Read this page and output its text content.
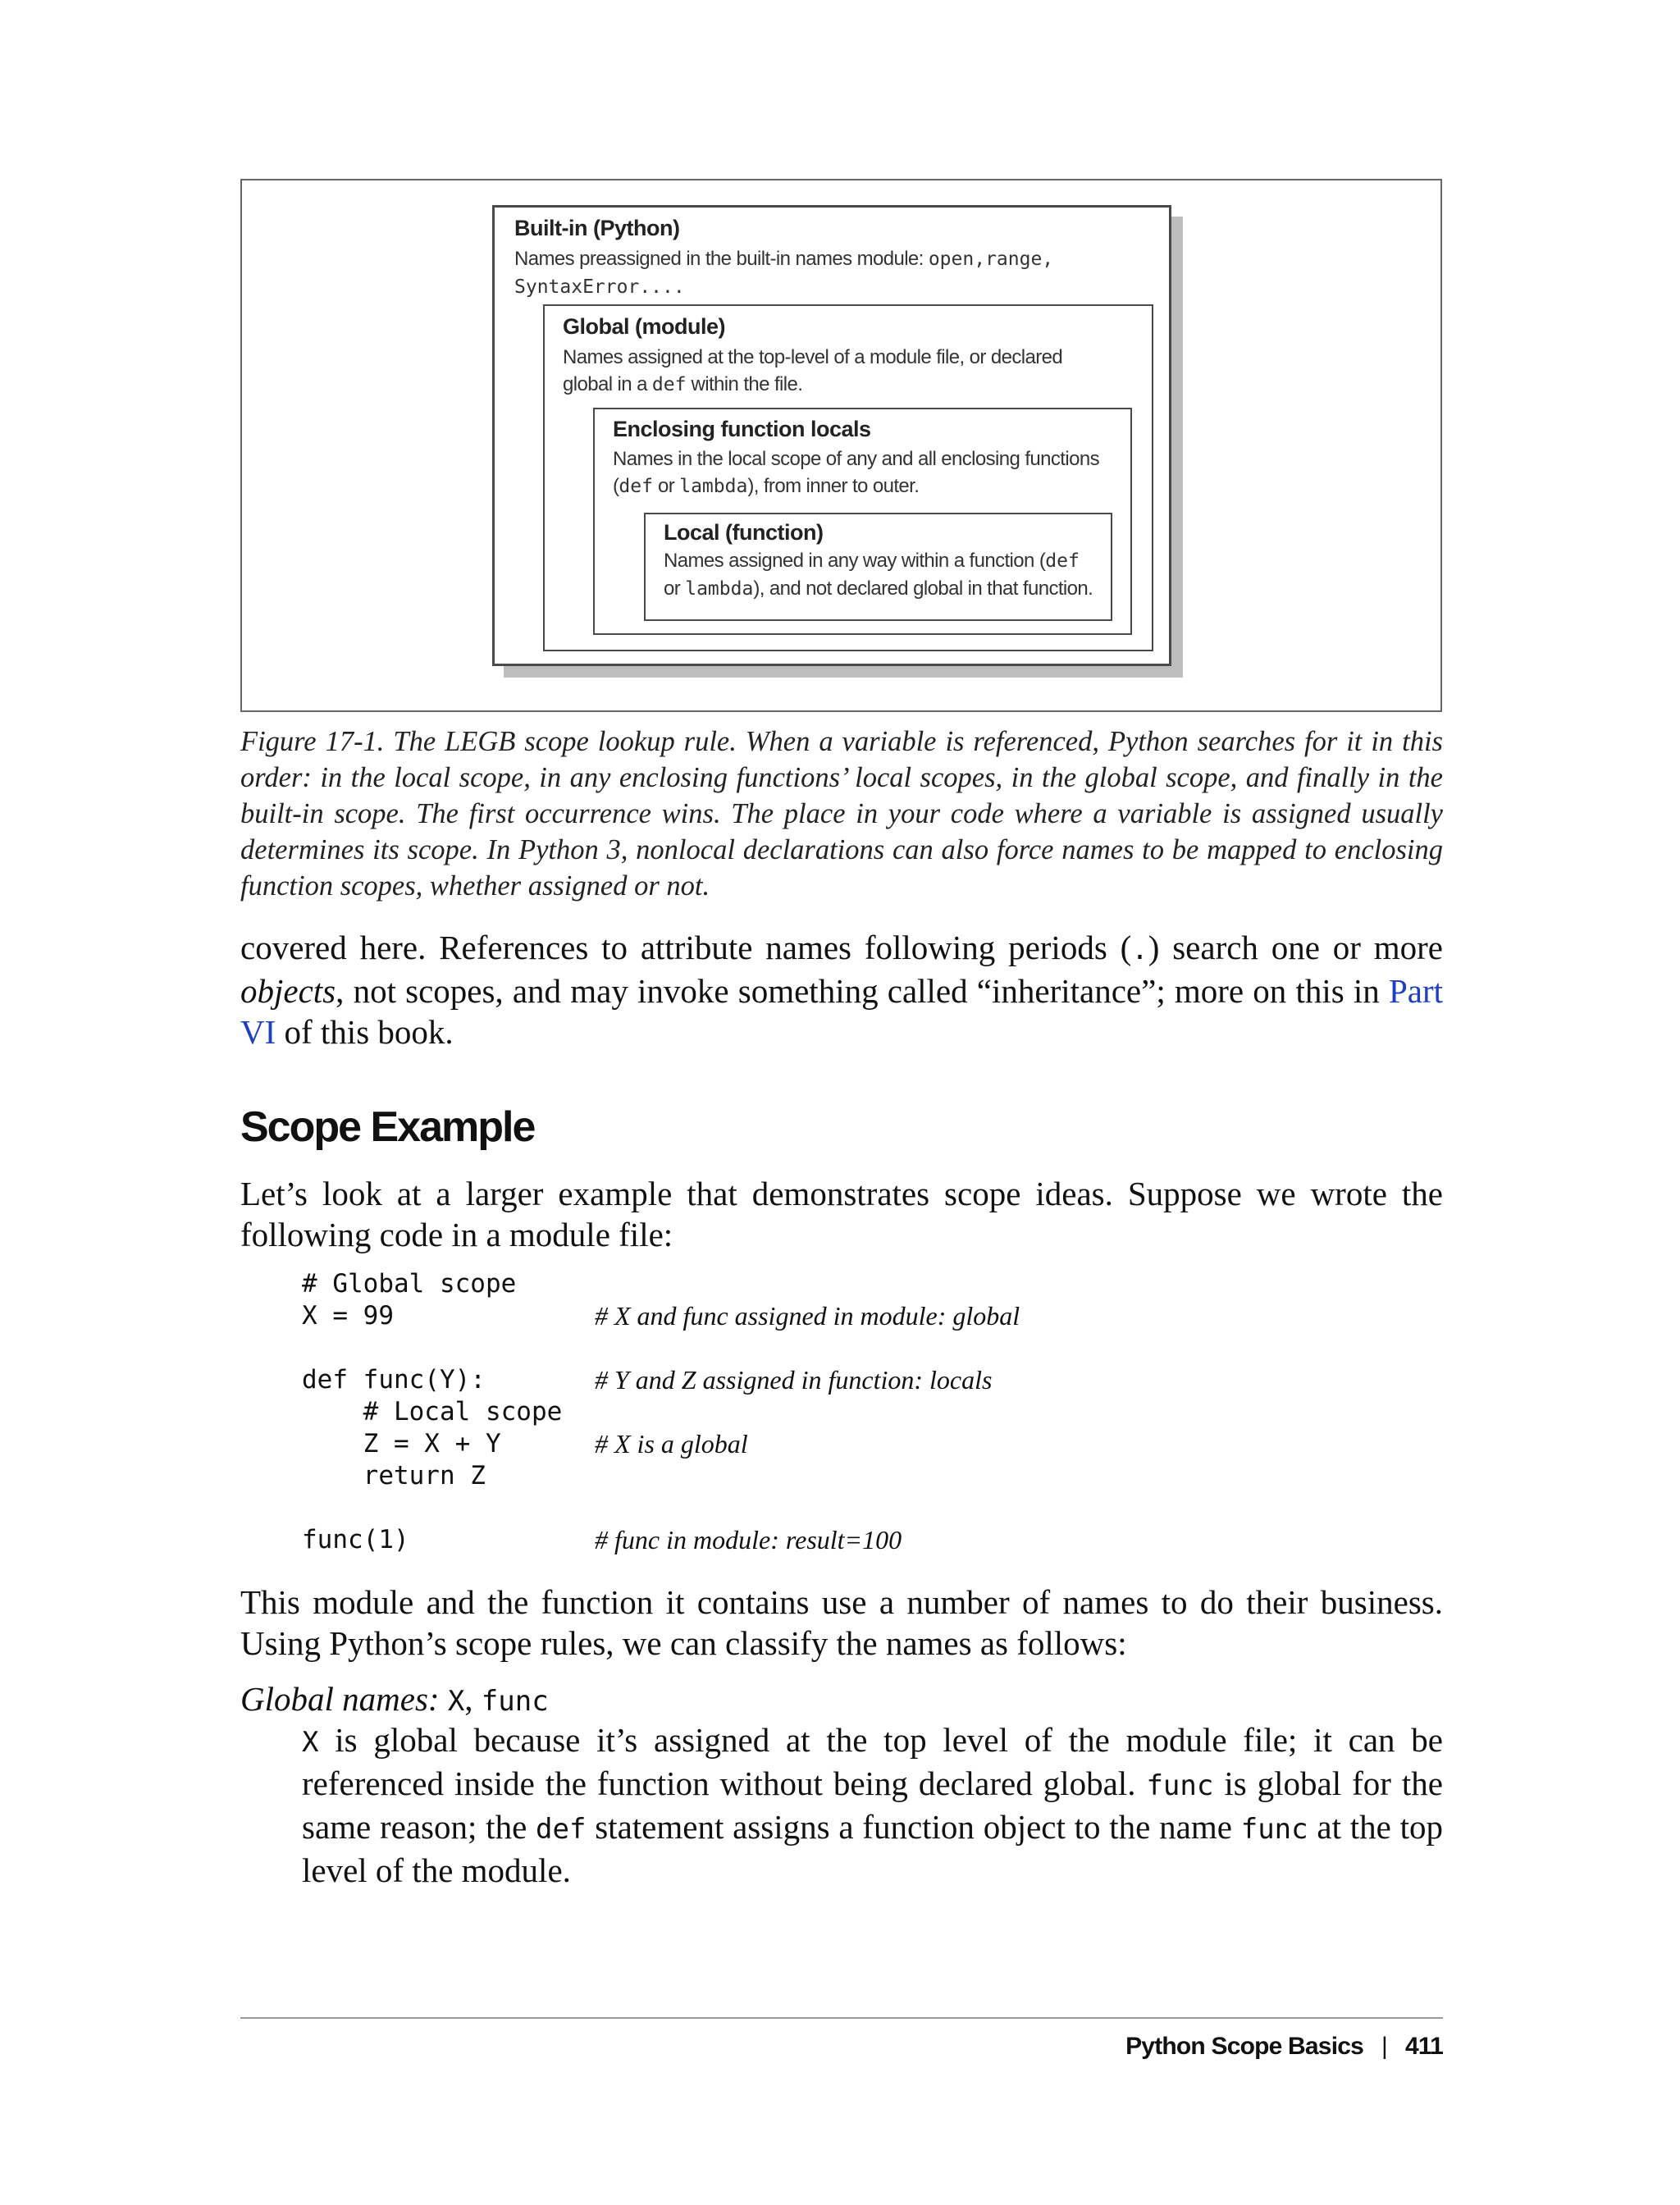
Built-in (Python)
Names preassigned in the built-in names module: open,range,
SyntaxError....
Global (module)
Names assigned at the top-level of a module file, or declared
global in a def within the file.
Enclosing function locals
Names in the local scope of any and all enclosing functions
(def or lambda), from inner to outer.
Local (function)
Names assigned in any way within a function (def
or lambda), and not declared global in that function.
Figure 17-1. The LEGB scope lookup rule. When a variable is referenced, Python searches for it in this order: in the local scope, in any enclosing functions’ local scopes, in the global scope, and finally in the built-in scope. The first occurrence wins. The place in your code where a variable is assigned usually determines its scope. In Python 3, nonlocal declarations can also force names to be mapped to enclosing function scopes, whether assigned or not.
covered here. References to attribute names following periods (.) search one or more objects, not scopes, and may invoke something called “inheritance”; more on this in Part VI of this book.
Scope Example
Let’s look at a larger example that demonstrates scope ideas. Suppose we wrote the following code in a module file:
# Global scope
X = 99	# X and func assigned in module: global
def func(Y):	# Y and Z assigned in function: locals
# Local scope
Z = X + Y	# X is a global
return Z
func(1)	# func in module: result=100
This module and the function it contains use a number of names to do their business. Using Python’s scope rules, we can classify the names as follows:
Global names: X, func
X is global because it’s assigned at the top level of the module file; it can be referenced inside the function without being declared global. func is global for the same reason; the def statement assigns a function object to the name func at the top level of the module.
Python Scope Basics | 411
